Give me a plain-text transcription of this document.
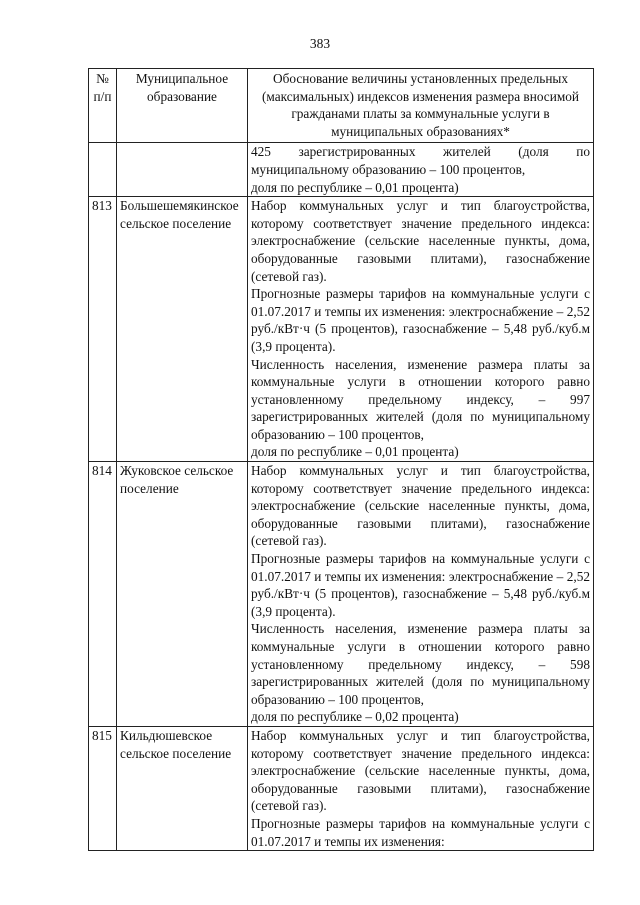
383
№ п/п	Муниципальное образование	Обоснование величины установленных предельных (максимальных) индексов изменения размера вносимой гражданами платы за коммунальные услуги в муниципальных образованиях*

		425 зарегистрированных жителей (доля по муниципальному образованию – 100 процентов,

доля по республике – 0,01 процента)

813	Большешемякинское сельское поселение	Набор коммунальных услуг и тип благоустройства, которому соответствует значение предельного индекса: электроснабжение (сельские населенные пункты, дома, оборудованные газовыми плитами), газоснабжение (сетевой газ).

Прогнозные размеры тарифов на коммунальные услуги с 01.07.2017 и темпы их изменения: электроснабжение – 2,52 руб./кВт·ч (5 процентов), газоснабжение – 5,48 руб./куб.м (3,9 процента).

Численность населения, изменение размера платы за коммунальные услуги в отношении которого равно установленному предельному индексу, – 997 зарегистрированных жителей (доля по муниципальному образованию – 100 процентов,

доля по республике – 0,01 процента)

814	Жуковское сельское поселение	Набор коммунальных услуг и тип благоустройства, которому соответствует значение предельного индекса: электроснабжение (сельские населенные пункты, дома, оборудованные газовыми плитами), газоснабжение (сетевой газ).

Прогнозные размеры тарифов на коммунальные услуги с 01.07.2017 и темпы их изменения: электроснабжение – 2,52 руб./кВт·ч (5 процентов), газоснабжение – 5,48 руб./куб.м (3,9 процента).

Численность населения, изменение размера платы за коммунальные услуги в отношении которого равно установленному предельному индексу, – 598 зарегистрированных жителей (доля по муниципальному образованию – 100 процентов,

доля по республике – 0,02 процента)

815	Кильдюшевское сельское поселение	Набор коммунальных услуг и тип благоустройства, которому соответствует значение предельного индекса: электроснабжение (сельские населенные пункты, дома, оборудованные газовыми плитами), газоснабжение (сетевой газ).

Прогнозные размеры тарифов на коммунальные услуги с 01.07.2017 и темпы их изменения:
